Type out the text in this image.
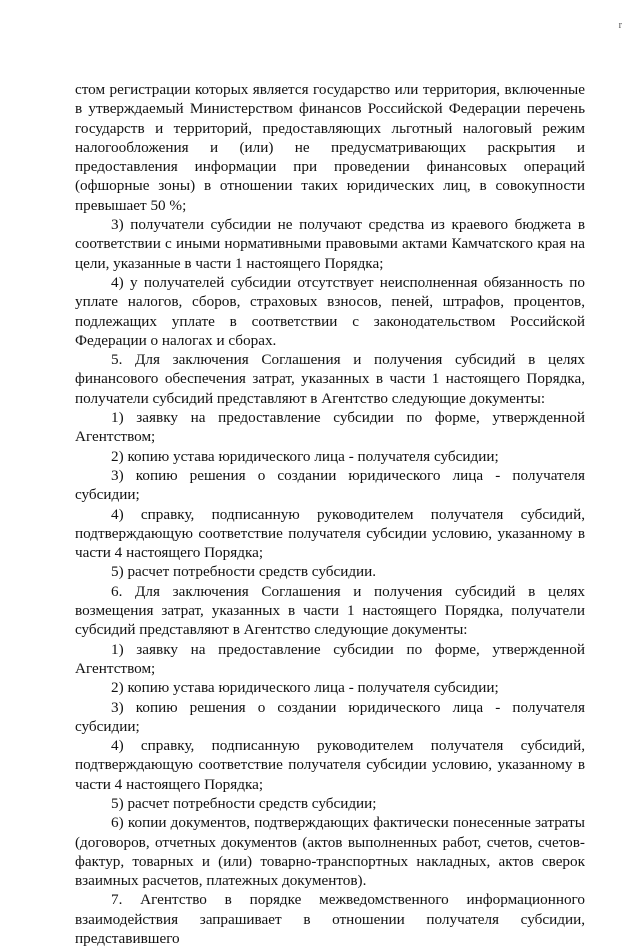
r

стом регистрации которых является государство или территория, включенные в утверждаемый Министерством финансов Российской Федерации перечень государств и территорий, предоставляющих льготный налоговый режим налогообложения и (или) не предусматривающих раскрытия и предоставления информации при проведении финансовых операций (офшорные зоны) в отношении таких юридических лиц, в совокупности превышает 50 %;

3) получатели субсидии не получают средства из краевого бюджета в соответствии с иными нормативными правовыми актами Камчатского края на цели, указанные в части 1 настоящего Порядка;

4) у получателей субсидии отсутствует неисполненная обязанность по уплате налогов, сборов, страховых взносов, пеней, штрафов, процентов, подлежащих уплате в соответствии с законодательством Российской Федерации о налогах и сборах.

5. Для заключения Соглашения и получения субсидий в целях финансового обеспечения затрат, указанных в части 1 настоящего Порядка, получатели субсидий представляют в Агентство следующие документы:

1) заявку на предоставление субсидии по форме, утвержденной Агентством;

2) копию устава юридического лица - получателя субсидии;

3) копию решения о создании юридического лица - получателя субсидии;

4) справку, подписанную руководителем получателя субсидий, подтверждающую соответствие получателя субсидии условию, указанному в части 4 настоящего Порядка;

5) расчет потребности средств субсидии.

6. Для заключения Соглашения и получения субсидий в целях возмещения затрат, указанных в части 1 настоящего Порядка, получатели субсидий представляют в Агентство следующие документы:

1) заявку на предоставление субсидии по форме, утвержденной Агентством;

2) копию устава юридического лица - получателя субсидии;

3) копию решения о создании юридического лица - получателя субсидии;

4) справку, подписанную руководителем получателя субсидий, подтверждающую соответствие получателя субсидии условию, указанному в части 4 настоящего Порядка;

5) расчет потребности средств субсидии;

6) копии документов, подтверждающих фактически понесенные затраты (договоров, отчетных документов (актов выполненных работ, счетов, счетов-фактур, товарных и (или) товарно-транспортных накладных, актов сверок взаимных расчетов, платежных документов).

7. Агентство в порядке межведомственного информационного взаимодействия запрашивает в отношении получателя субсидии, представившего
